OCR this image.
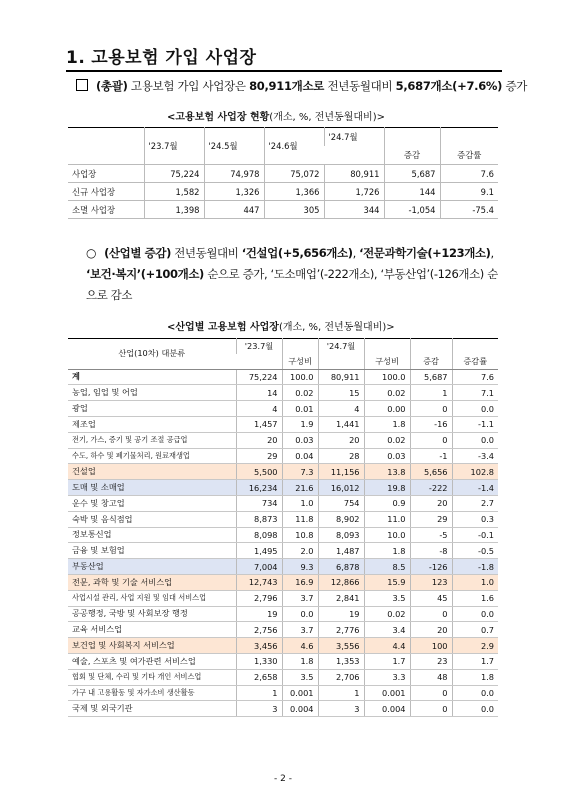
1. 고용보험 가입 사업장
(총괄) 고용보험 가입 사업장은 80,911개소로 전년동월대비 5,687개소(+7.6%) 증가
<고용보험 사업장 현황(개소, %, 전년동월대비)>
	'23.7월	'24.5월	'24.6월	'24.7월		
					증감	증감률
사업장	75,224	74,978	75,072	80,911	5,687	7.6
신규 사업장	1,582	1,326	1,366	1,726	144	9.1
소멸 사업장	1,398	447	305	344	-1,054	-75.4
○ (산업별 증감) 전년동월대비 ‘건설업(+5,656개소), ‘전문과학기술(+123개소), ‘보건·복지’(+100개소) 순으로 증가, ‘도소매업’(-222개소), ‘부동산업’(-126개소) 순으로 감소
<산업별 고용보험 사업장(개소, %, 전년동월대비)>
산업(10차) 대분류	'23.7월		'24.7월			
		구성비		구성비	증감	증감률
계	75,224	100.0	80,911	100.0	5,687	7.6
농업, 임업 및 어업	14	0.02	15	0.02	1	7.1
광업	4	0.01	4	0.00	0	0.0
제조업	1,457	1.9	1,441	1.8	-16	-1.1
전기, 가스, 증기 및 공기 조절 공급업	20	0.03	20	0.02	0	0.0
수도, 하수 및 폐기물처리, 원료재생업	29	0.04	28	0.03	-1	-3.4
건설업	5,500	7.3	11,156	13.8	5,656	102.8
도매 및 소매업	16,234	21.6	16,012	19.8	-222	-1.4
운수 및 창고업	734	1.0	754	0.9	20	2.7
숙박 및 음식점업	8,873	11.8	8,902	11.0	29	0.3
정보통신업	8,098	10.8	8,093	10.0	-5	-0.1
금융 및 보험업	1,495	2.0	1,487	1.8	-8	-0.5
부동산업	7,004	9.3	6,878	8.5	-126	-1.8
전문, 과학 및 기술 서비스업	12,743	16.9	12,866	15.9	123	1.0
사업시설 관리, 사업 지원 및 임대 서비스업	2,796	3.7	2,841	3.5	45	1.6
공공행정, 국방 및 사회보장 행정	19	0.0	19	0.02	0	0.0
교육 서비스업	2,756	3.7	2,776	3.4	20	0.7
보건업 및 사회복지 서비스업	3,456	4.6	3,556	4.4	100	2.9
예술, 스포츠 및 여가관련 서비스업	1,330	1.8	1,353	1.7	23	1.7
협회 및 단체, 수리 및 기타 개인 서비스업	2,658	3.5	2,706	3.3	48	1.8
가구 내 고용활동 및 자가소비 생산활동	1	0.001	1	0.001	0	0.0
국제 및 외국기관	3	0.004	3	0.004	0	0.0
- 2 -
